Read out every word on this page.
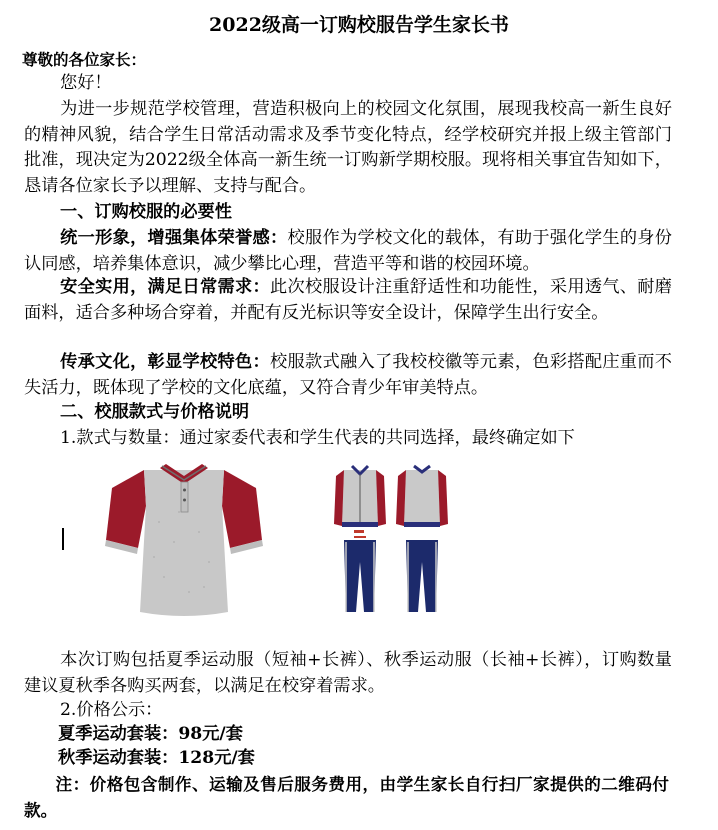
2022级高一订购校服告学生家长书
尊敬的各位家长：
您好！

为进一步规范学校管理，营造积极向上的校园文化氛围，展现我校高一新生良好的精神风貌，结合学生日常活动需求及季节变化特点，经学校研究并报上级主管部门批准，现决定为2022级全体高一新生统一订购新学期校服。现将相关事宜告知如下，恳请各位家长予以理解、支持与配合。

一、订购校服的必要性

统一形象，增强集体荣誉感：校服作为学校文化的载体，有助于强化学生的身份认同感，培养集体意识，减少攀比心理，营造平等和谐的校园环境。

安全实用，满足日常需求：此次校服设计注重舒适性和功能性，采用透气、耐磨面料，适合多种场合穿着，并配有反光标识等安全设计，保障学生出行安全。

传承文化，彰显学校特色：校服款式融入了我校校徽等元素，色彩搭配庄重而不失活力，既体现了学校的文化底蕴，又符合青少年审美特点。

二、校服款式与价格说明
1.款式与数量：通过家委代表和学生代表的共同选择，最终确定如下

本次订购包括夏季运动服（短袖+长裤）、秋季运动服（长袖+长裤），订购数量建议夏秋季各购买两套，以满足在校穿着需求。

2.价格公示：
夏季运动套装：98元/套
秋季运动套装：128元/套

注：价格包含制作、运输及售后服务费用，由学生家长自行扫厂家提供的二维码付款。
